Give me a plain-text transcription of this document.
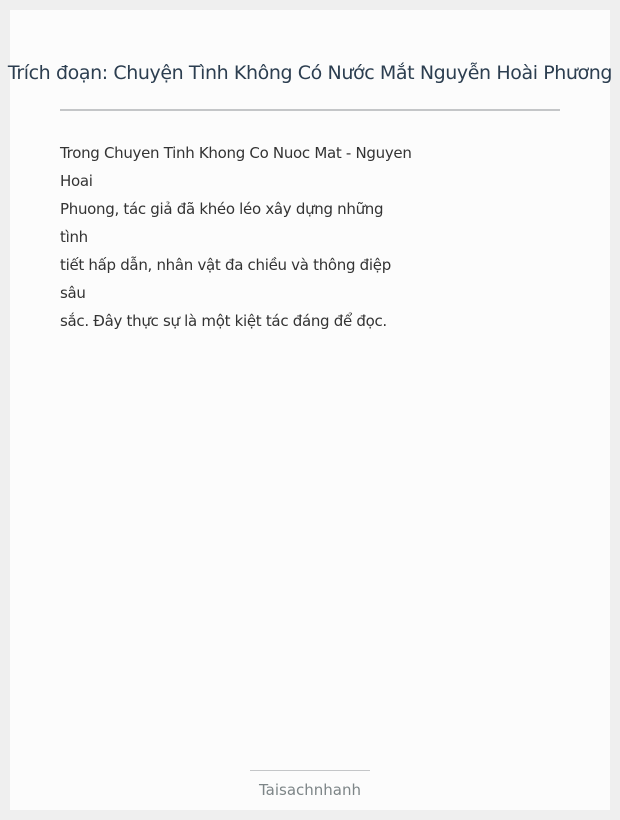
Trích đoạn: Chuyện Tình Không Có Nước Mắt Nguyễn Hoài Phương
Trong Chuyen Tinh Khong Co Nuoc Mat - Nguyen
Hoai
Phuong, tác giả đã khéo léo xây dựng những
tình
tiết hấp dẫn, nhân vật đa chiều và thông điệp
sâu
sắc. Đây thực sự là một kiệt tác đáng để đọc.
Taisachnhanh
